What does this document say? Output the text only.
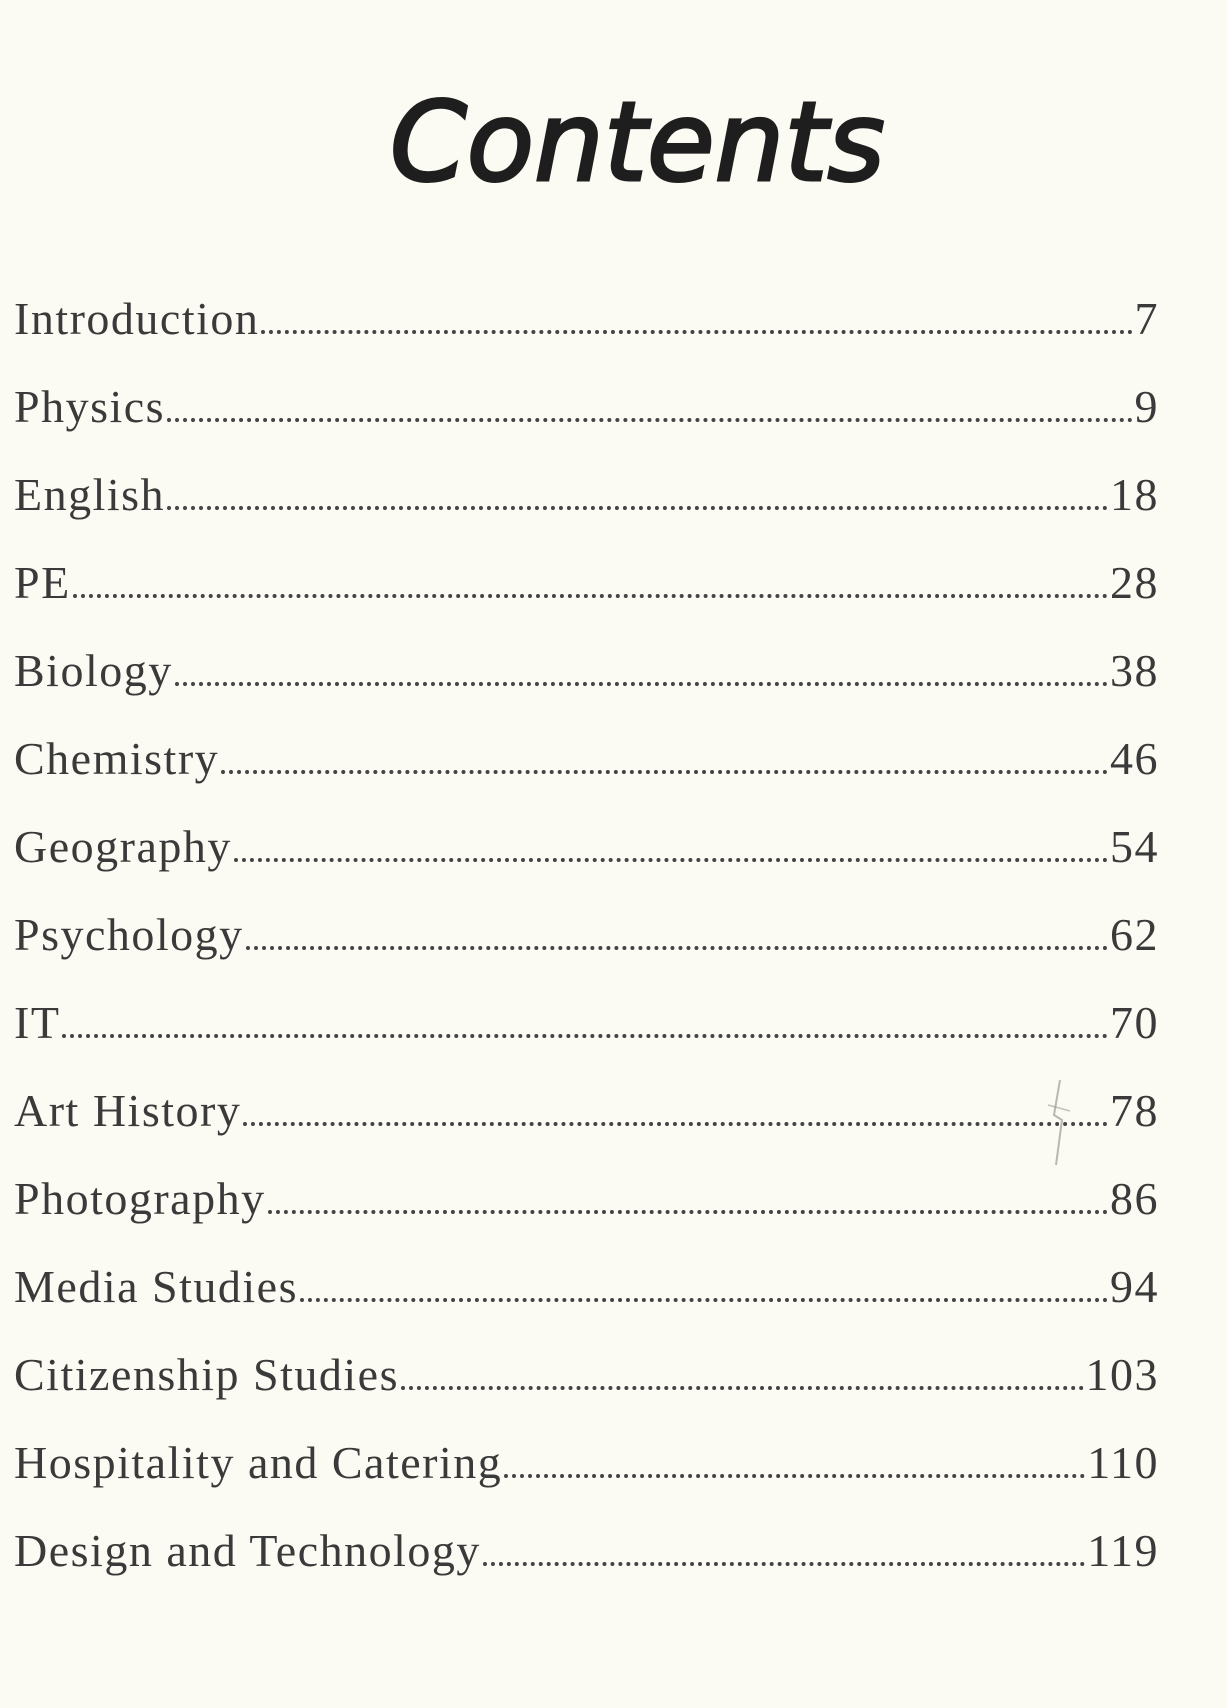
Contents
Introduction	7
Physics	9
English	18
PE	28
Biology	38
Chemistry	46
Geography	54
Psychology	62
IT	70
Art History	78
Photography	86
Media Studies	94
Citizenship Studies	103
Hospitality and Catering	110
Design and Technology	119
